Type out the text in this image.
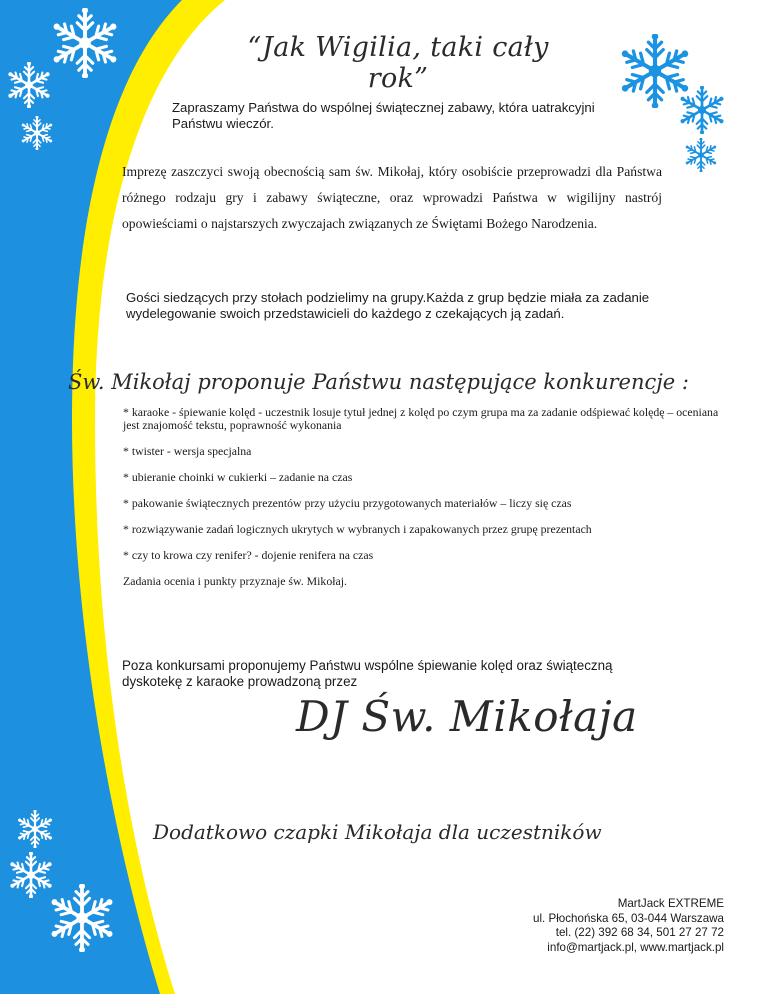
“Jak Wigilia, taki cały rok”
Zapraszamy Państwa do wspólnej świątecznej zabawy, która uatrakcyjni Państwu wieczór.
Imprezę zaszczyci swoją obecnością sam św. Mikołaj, który osobiście przeprowadzi dla Państwa różnego rodzaju gry i zabawy świąteczne, oraz wprowadzi Państwa w wigilijny nastrój opowieściami o najstarszych zwyczajach związanych ze Świętami Bożego Narodzenia.
Gości siedzących przy stołach podzielimy na grupy.Każda z grup będzie miała za zadanie wydelegowanie swoich przedstawicieli do każdego z czekających ją zadań.
Św. Mikołaj proponuje Państwu następujące konkurencje :
* karaoke - śpiewanie kolęd - uczestnik losuje tytuł jednej z kolęd po czym grupa ma za zadanie odśpiewać kolędę – oceniana jest znajomość tekstu, poprawność wykonania
* twister - wersja specjalna
* ubieranie choinki w cukierki – zadanie na czas
* pakowanie świątecznych prezentów przy użyciu przygotowanych materiałów – liczy się czas
* rozwiązywanie zadań logicznych ukrytych w wybranych i zapakowanych przez grupę prezentach
* czy to krowa czy renifer? - dojenie renifera na czas
Zadania ocenia i punkty przyznaje św. Mikołaj.
Poza konkursami proponujemy Państwu wspólne śpiewanie kolęd oraz świąteczną dyskotekę z karaoke prowadzoną przez
DJ Św. Mikołaja
Dodatkowo czapki Mikołaja dla uczestników
MartJack EXTREME
ul. Płochońska 65, 03-044 Warszawa
tel. (22) 392 68 34, 501 27 27 72
info@martjack.pl, www.martjack.pl
